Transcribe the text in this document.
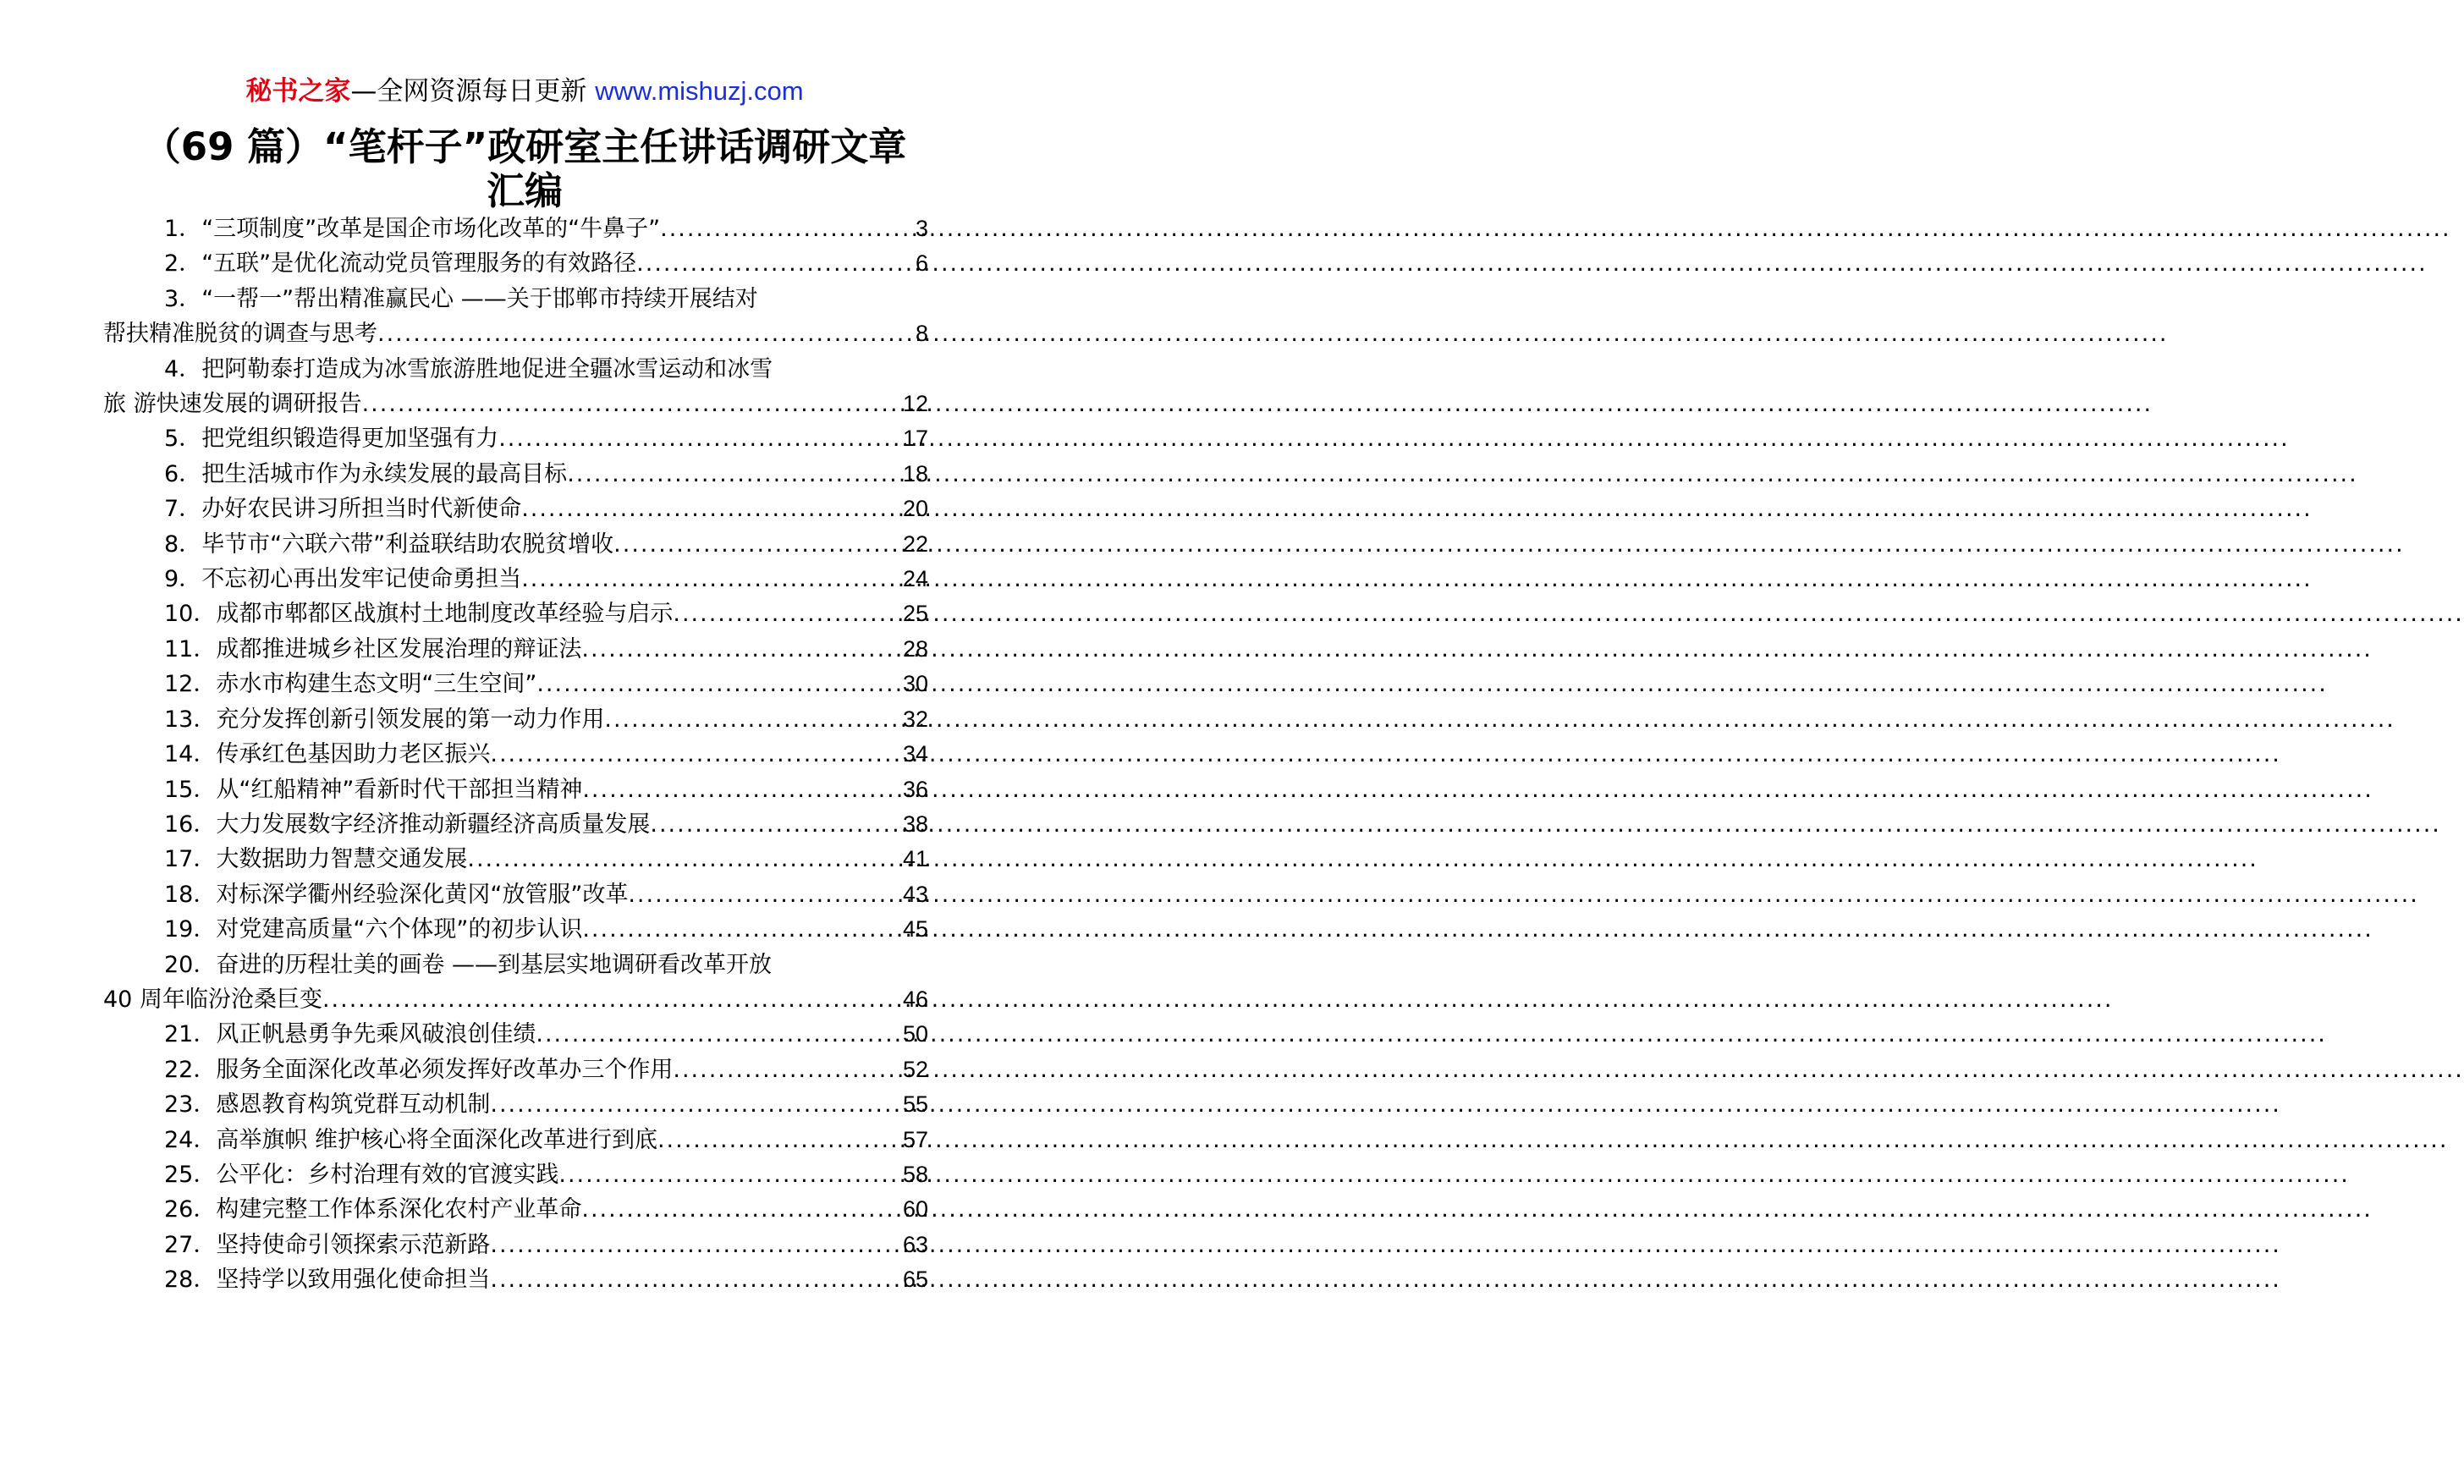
秘书之家—全网资源每日更新 www.mishuzj.com
（69 篇）“笔杆子”政研室主任讲话调研文章汇编
1． “三项制度”改革是国企市场化改革的“牛鼻子” .....	3
2． “五联”是优化流动党员管理服务的有效路径 .....	6
3． “一帮一”帮出精准赢民心 ——关于邯郸市持续开展结对
帮扶精准脱贫的调查与思考 .....	8
4． 把阿勒泰打造成为冰雪旅游胜地促进全疆冰雪运动和冰雪
旅 游快速发展的调研报告 .....	12
5． 把党组织锻造得更加坚强有力 .....	17
6． 把生活城市作为永续发展的最高目标 .....	18
7． 办好农民讲习所担当时代新使命 .....	20
8． 毕节市“六联六带”利益联结助农脱贫增收 .....	22
9． 不忘初心再出发牢记使命勇担当 .....	24
10． 成都市郫都区战旗村土地制度改革经验与启示 .....	25
11． 成都推进城乡社区发展治理的辩证法 .....	28
12． 赤水市构建生态文明“三生空间” .....	30
13． 充分发挥创新引领发展的第一动力作用 .....	32
14． 传承红色基因助力老区振兴 .....	34
15． 从“红船精神”看新时代干部担当精神 .....	36
16． 大力发展数字经济推动新疆经济高质量发展 .....	38
17． 大数据助力智慧交通发展 .....	41
18． 对标深学衢州经验深化黄冈“放管服”改革 .....	43
19． 对党建高质量“六个体现”的初步认识 .....	45
20． 奋进的历程壮美的画卷 ——到基层实地调研看改革开放
40 周年临汾沧桑巨变 .....	46
21． 风正帆悬勇争先乘风破浪创佳绩 .....	50
22． 服务全面深化改革必须发挥好改革办三个作用 .....	52
23． 感恩教育构筑党群互动机制 .....	55
24． 高举旗帜 维护核心将全面深化改革进行到底 .....	57
25． 公平化：乡村治理有效的官渡实践 .....	58
26． 构建完整工作体系深化农村产业革命 .....	60
27． 坚持使命引领探索示范新路 .....	63
28． 坚持学以致用强化使命担当 .....	65
